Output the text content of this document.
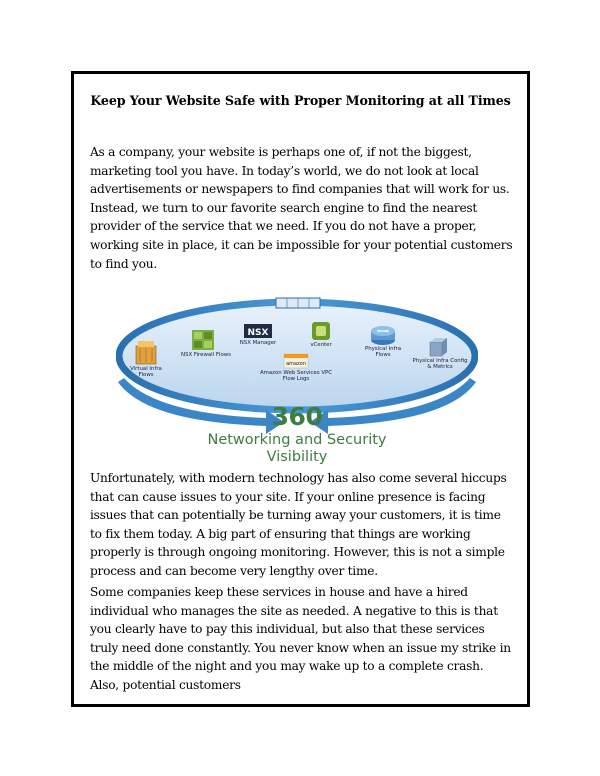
Keep Your Website Safe with Proper Monitoring at all Times

As a company, your website is perhaps one of, if not the biggest, marketing tool you have. In today’s world, we do not look at local advertisements or newspapers to find companies that will work for us. Instead, we turn to our favorite search engine to find the nearest provider of the service that we need. If you do not have a proper, working site in place, it can be impossible for your potential customers to find you.

NSX
amazon
Virtual Infra Flows
NSX Firewall Flows
NSX Manager	vCenter
Physical Infra Flows
Physical Infra Config & Metrics
Amazon Web Services VPC Flow Logs
360
Networking and Security
Visibility

Unfortunately, with modern technology has also come several hiccups that can cause issues to your site. If your online presence is facing issues that can potentially be turning away your customers, it is time to fix them today. A big part of ensuring that things are working properly is through ongoing monitoring. However, this is not a simple process and can become very lengthy over time.

Some companies keep these services in house and have a hired individual who manages the site as needed. A negative to this is that you clearly have to pay this individual, but also that these services truly need done constantly. You never know when an issue my strike in the middle of the night and you may wake up to a complete crash. Also, potential customers
